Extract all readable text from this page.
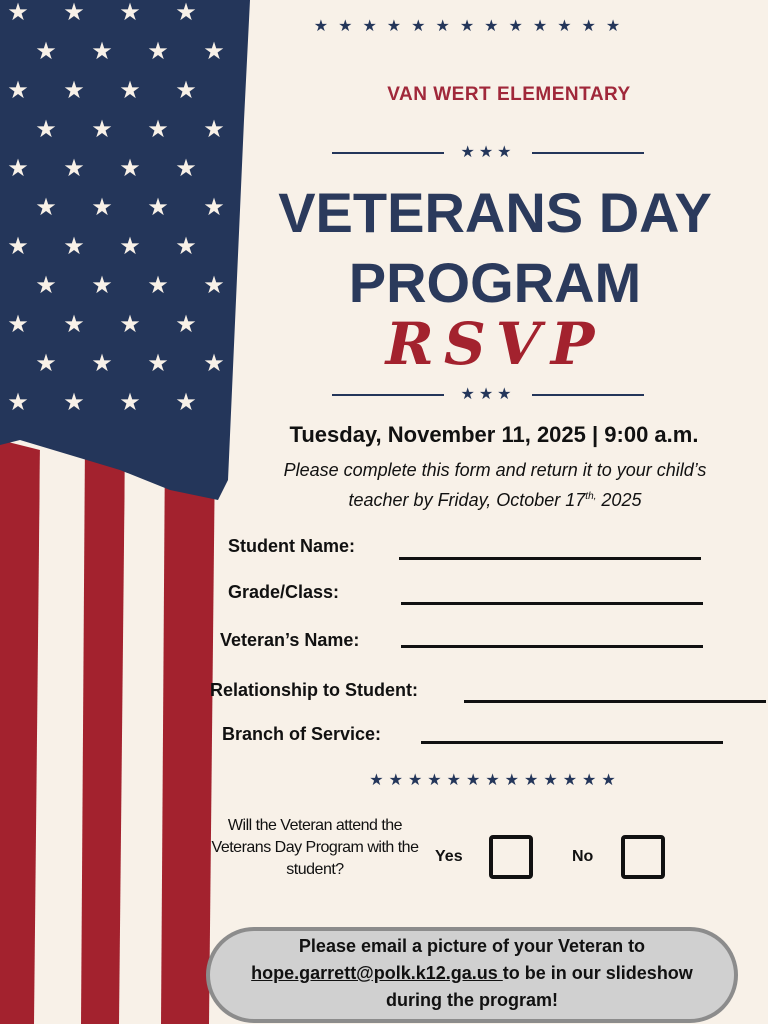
★ ★ ★ ★
★ ★ ★ ★
★ ★ ★ ★
★ ★ ★ ★
★ ★ ★ ★
★ ★ ★ ★
★ ★ ★ ★
★ ★ ★ ★
★ ★ ★ ★
★ ★ ★ ★
★ ★ ★ ★
★★★★★★★★★★★★★
VAN WERT ELEMENTARY
★★★
VETERANS DAY
PROGRAM
RSVP
★★★
Tuesday, November 11, 2025 | 9:00 a.m.
Please complete this form and return it to your child’s
teacher by Friday, October $17^{th,}$ 2025
Student Name:
Grade/Class:
Veteran’s Name:
Relationship to Student:
Branch of Service:
★★★★★★★★★★★★★
Will the Veteran attend the Veterans Day Program with the student?
Yes	No
Please email a picture of your Veteran to
hope.garrett@polk.k12.ga.us to be in our slideshow
during the program!
